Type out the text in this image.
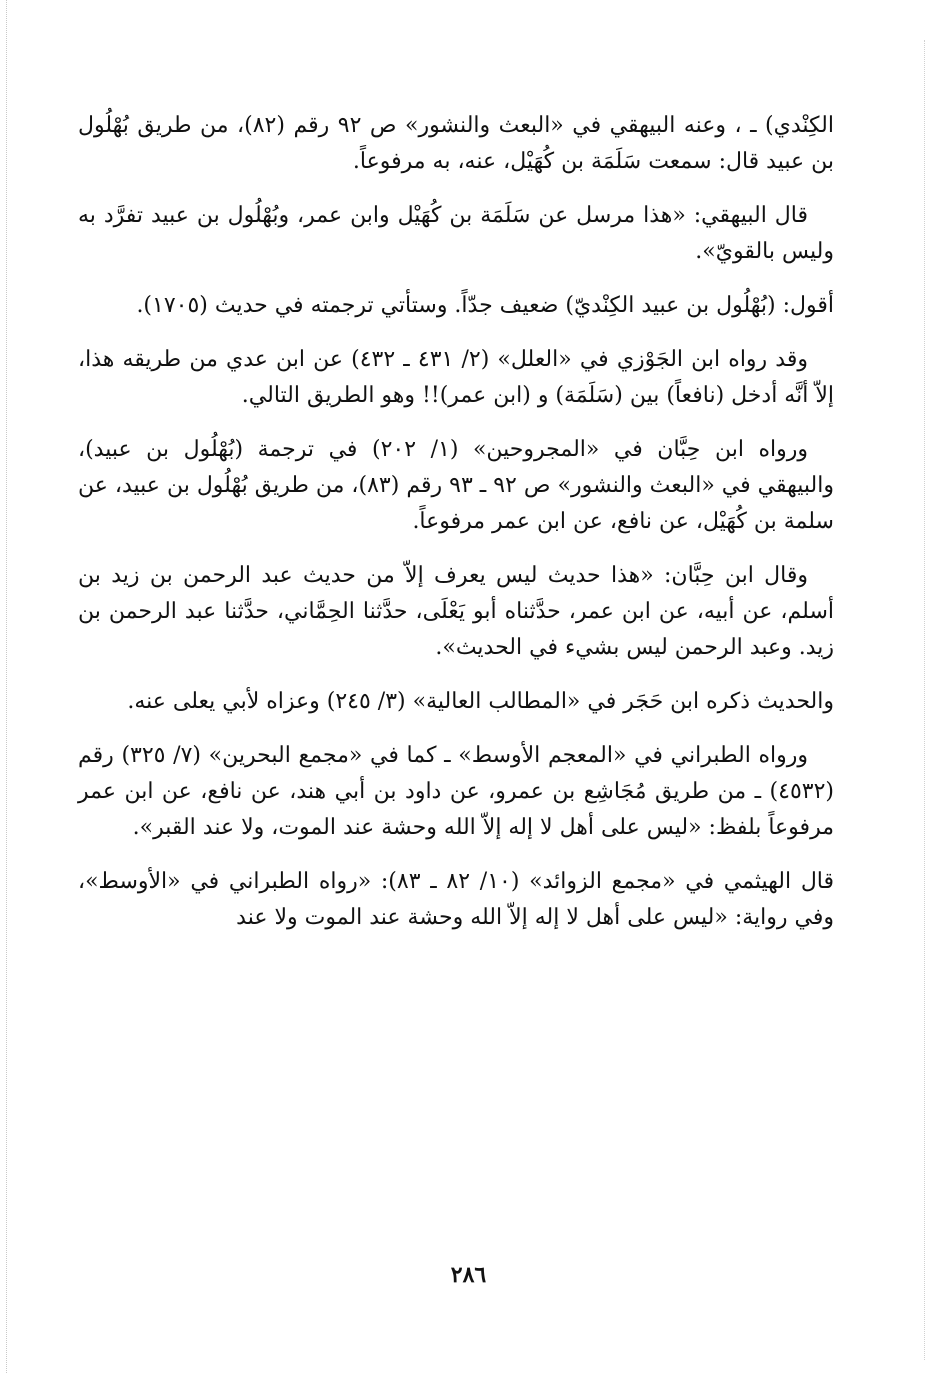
الكِنْدي) ـ ، وعنه البيهقي في «البعث والنشور» ص ٩٢ رقم (٨٢)، من طريق بُهْلُول بن عبيد قال: سمعت سَلَمَة بن كُهَيْل، عنه، به مرفوعاً.

قال البيهقي: «هذا مرسل عن سَلَمَة بن كُهَيْل وابن عمر، وبُهْلُول بن عبيد تفرَّد به وليس بالقويّ».

أقول: (بُهْلُول بن عبيد الكِنْديّ) ضعيف جدّاً. وستأتي ترجمته في حديث (١٧٠٥).

وقد رواه ابن الجَوْزي في «العلل» (٢/ ٤٣١ ـ ٤٣٢) عن ابن عدي من طريقه هذا، إلاّ أنَّه أدخل (نافعاً) بين (سَلَمَة) و (ابن عمر)!! وهو الطريق التالي.

ورواه ابن حِبَّان في «المجروحين» (١/ ٢٠٢) في ترجمة (بُهْلُول بن عبيد)، والبيهقي في «البعث والنشور» ص ٩٢ ـ ٩٣ رقم (٨٣)، من طريق بُهْلُول بن عبيد، عن سلمة بن كُهَيْل، عن نافع، عن ابن عمر مرفوعاً.

وقال ابن حِبَّان: «هذا حديث ليس يعرف إلاّ من حديث عبد الرحمن بن زيد بن أسلم، عن أبيه، عن ابن عمر، حدَّثناه أبو يَعْلَى، حدَّثنا الحِمَّاني، حدَّثنا عبد الرحمن بن زيد. وعبد الرحمن ليس بشيء في الحديث».

والحديث ذكره ابن حَجَر في «المطالب العالية» (٣/ ٢٤٥) وعزاه لأبي يعلى عنه.

ورواه الطبراني في «المعجم الأوسط» ـ كما في «مجمع البحرين» (٧/ ٣٢٥) رقم (٤٥٣٢) ـ من طريق مُجَاشِع بن عمرو، عن داود بن أبي هند، عن نافع، عن ابن عمر مرفوعاً بلفظ: «ليس على أهل لا إله إلاّ الله وحشة عند الموت، ولا عند القبر».

قال الهيثمي في «مجمع الزوائد» (١٠/ ٨٢ ـ ٨٣): «رواه الطبراني في «الأوسط»، وفي رواية: «ليس على أهل لا إله إلاّ الله وحشة عند الموت ولا عند

٢٨٦
